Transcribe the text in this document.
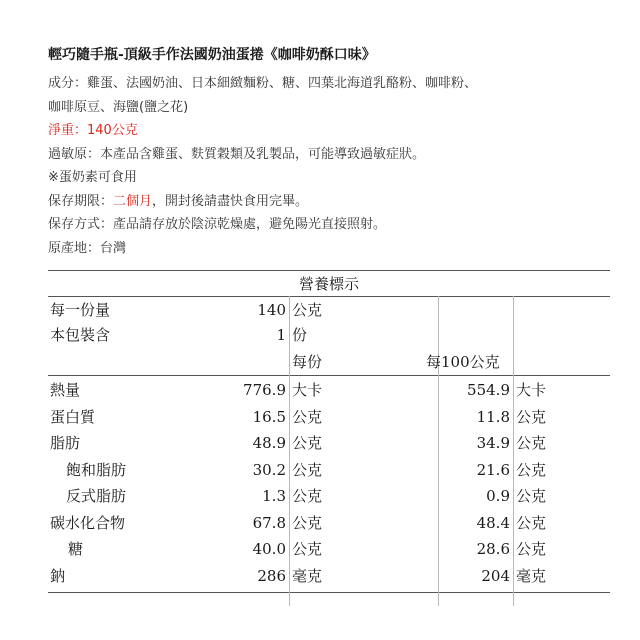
輕巧隨手瓶-頂級手作法國奶油蛋捲《咖啡奶酥口味》

成分：雞蛋、法國奶油、日本細緻麵粉、糖、四葉北海道乳酪粉、咖啡粉、

咖啡原豆、海鹽(鹽之花)

淨重：140公克

過敏原：本產品含雞蛋、麩質穀類及乳製品，可能導致過敏症狀。

※蛋奶素可食用

保存期限：二個月，開封後請盡快食用完畢。

保存方式：產品請存放於陰涼乾燥處，避免陽光直接照射。

原產地：台灣

營養標示
每一份量	140 公克
本包裝含	1 份
每份	每100公克
熱量	776.9 大卡	554.9 大卡
蛋白質	16.5 公克	11.8 公克
脂肪	48.9 公克	34.9 公克
飽和脂肪	30.2 公克	21.6 公克
反式脂肪	1.3 公克	0.9 公克
碳水化合物	67.8 公克	48.4 公克
糖	40.0 公克	28.6 公克
鈉	286 毫克	204 毫克
